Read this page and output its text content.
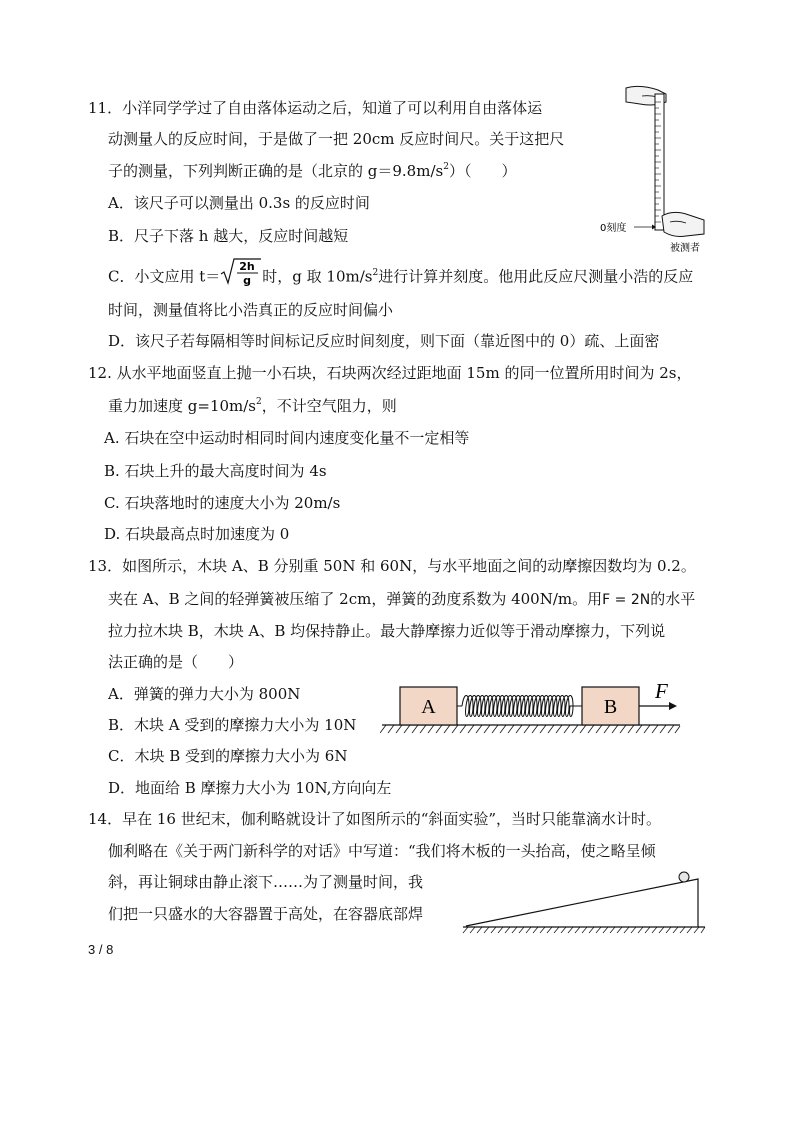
11．小洋同学学过了自由落体运动之后，知道了可以利用自由落体运
动测量人的反应时间，于是做了一把 20cm 反应时间尺。关于这把尺
子的测量，下列判断正确的是（北京的 $g=9.8m/s^2$）（　　）
A．该尺子可以测量出 0.3s 的反应时间
B．尺子下落 h 越大，反应时间越短
C．小文应用 t＝
2h
g 时，g 取 $10m/s^2$进行计算并刻度。他用此反应尺测量小浩的反应
时间，测量值将比小浩真正的反应时间偏小
D．该尺子若每隔相等时间标记反应时间刻度，则下面（靠近图中的 0）疏、上面密
0刻度
被测者
12. 从水平地面竖直上抛一小石块，石块两次经过距地面 15m 的同一位置所用时间为 2s，
重力加速度 $g=10m/s^2$，不计空气阻力，则
A. 石块在空中运动时相同时间内速度变化量不一定相等
B. 石块上升的最大高度时间为 4s
C. 石块落地时的速度大小为 20m/s
D. 石块最高点时加速度为 0
13．如图所示，木块 A、B 分别重 50N 和 60N，与水平地面之间的动摩擦因数均为 0.2。
夹在 A、B 之间的轻弹簧被压缩了 2cm，弹簧的劲度系数为 400N/m。用F = 2N的水平
拉力拉木块 B，木块 A、B 均保持静止。最大静摩擦力近似等于滑动摩擦力，下列说
法正确的是（　　）
A．弹簧的弹力大小为 800N
B．木块 A 受到的摩擦力大小为 10N
C．木块 B 受到的摩擦力大小为 6N
D．地面给 B 摩擦力大小为 10N,方向向左
A	B
F
14．早在 16 世纪末，伽利略就设计了如图所示的“斜面实验”，当时只能靠滴水计时。
伽利略在《关于两门新科学的对话》中写道：“我们将木板的一头抬高，使之略呈倾
斜，再让铜球由静止滚下……为了测量时间，我
们把一只盛水的大容器置于高处，在容器底部焊
3 / 8
